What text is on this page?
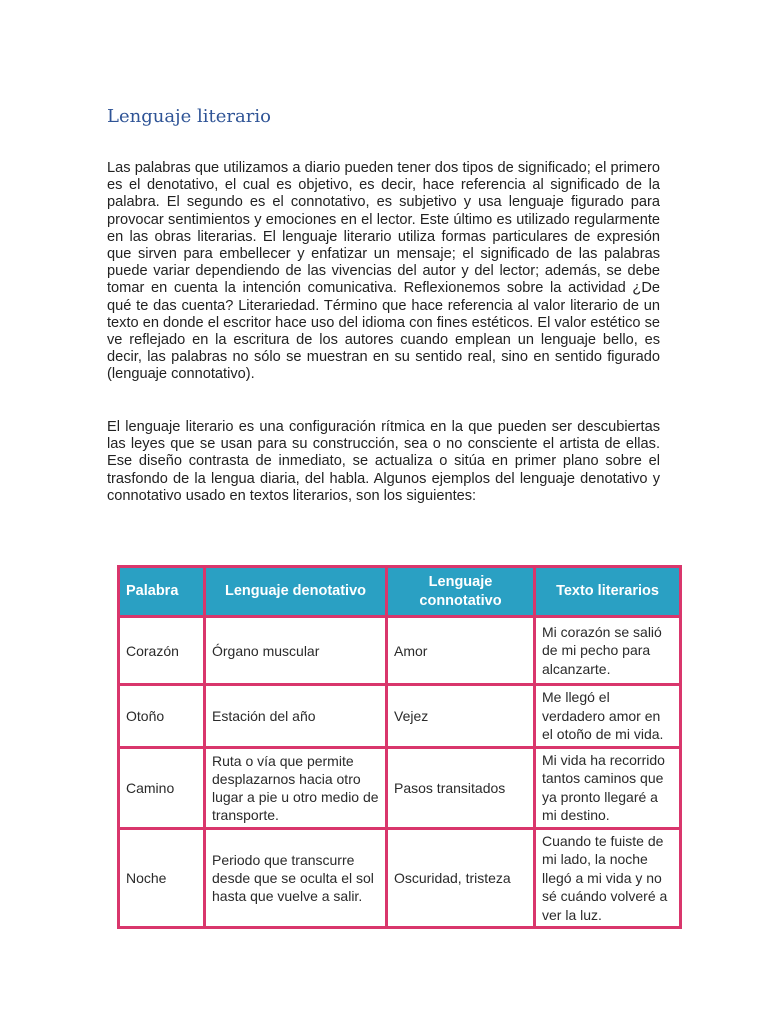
Lenguaje literario

Las palabras que utilizamos a diario pueden tener dos tipos de significado; el primero es el denotativo, el cual es objetivo, es decir, hace referencia al significado de la palabra. El segundo es el connotativo, es subjetivo y usa lenguaje figurado para provocar sentimientos y emociones en el lector. Este último es utilizado regularmente en las obras literarias. El lenguaje literario utiliza formas particulares de expresión que sirven para embellecer y enfatizar un mensaje; el significado de las palabras puede variar dependiendo de las vivencias del autor y del lector; además, se debe tomar en cuenta la intención comunicativa. Reflexionemos sobre la actividad ¿De qué te das cuenta? Literariedad. Término que hace referencia al valor literario de un texto en donde el escritor hace uso del idioma con fines estéticos. El valor estético se ve reflejado en la escritura de los autores cuando emplean un lenguaje bello, es decir, las palabras no sólo se muestran en su sentido real, sino en sentido figurado (lenguaje connotativo).

El lenguaje literario es una configuración rítmica en la que pueden ser descubiertas las leyes que se usan para su construcción, sea o no consciente el artista de ellas. Ese diseño contrasta de inmediato, se actualiza o sitúa en primer plano sobre el trasfondo de la lengua diaria, del habla. Algunos ejemplos del lenguaje denotativo y connotativo usado en textos literarios, son los siguientes:

Palabra	Lenguaje denotativo	Lenguaje connotativo	Texto literarios
Corazón	Órgano muscular	Amor	Mi corazón se salió de mi pecho para alcanzarte.
Otoño	Estación del año	Vejez	Me llegó el verdadero amor en el otoño de mi vida.
Camino	Ruta o vía que permite desplazarnos hacia otro lugar a pie u otro medio de transporte.	Pasos transitados	Mi vida ha recorrido tantos caminos que ya pronto llegaré a mi destino.
Noche	Periodo que transcurre desde que se oculta el sol hasta que vuelve a salir.	Oscuridad, tristeza	Cuando te fuiste de mi lado, la noche llegó a mi vida y no sé cuándo volveré a ver la luz.
